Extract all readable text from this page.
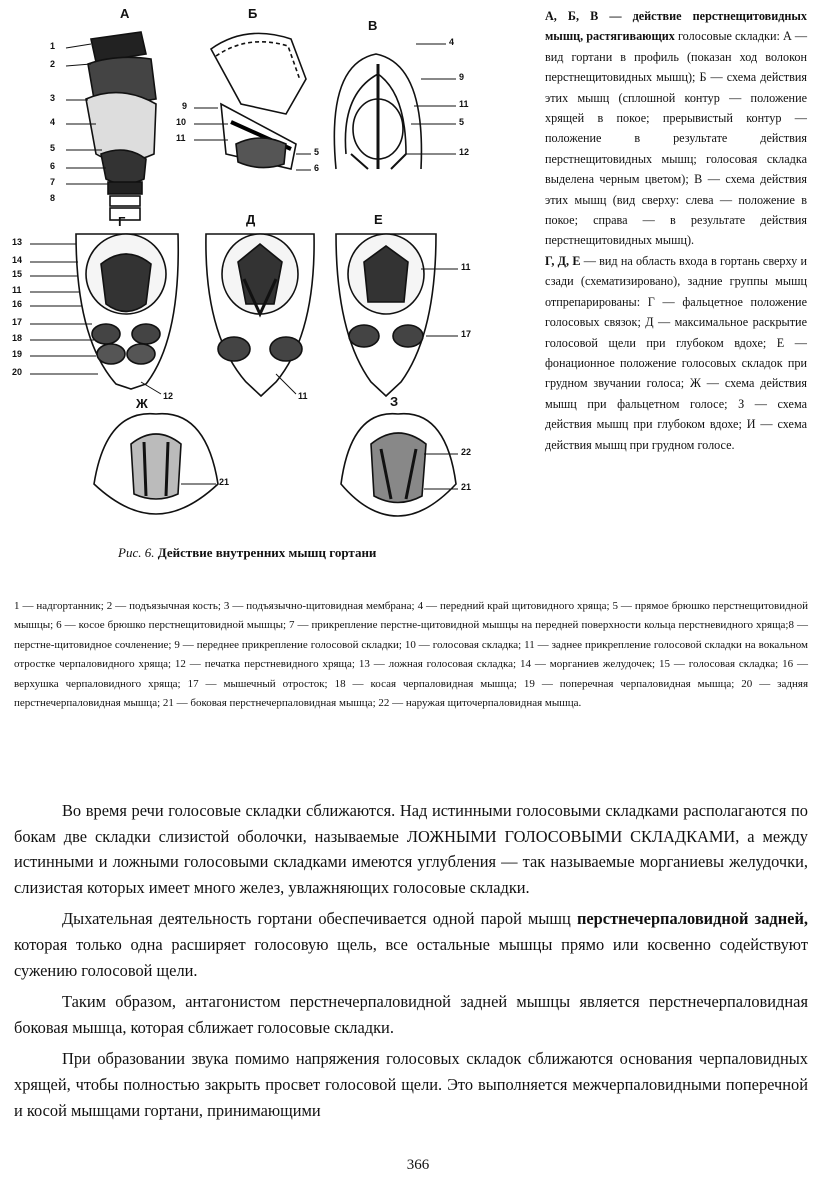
А	Б
В
Г	Д	Е
Ж	З
1
2
3
4
5
6
7
8
9
10
11
5
6
4
9
11
5
12
13
14
15
11
16
17
18
19
20
12	11
11
17
21
22
21
Рис. 6. Действие внутренних мышц гортани

А, Б, В — действие перстнещитовидных мышц, растягивающих голосовые складки: А — вид гортани в профиль (показан ход волокон перстнещитовидных мышц); Б — схема действия этих мышц (сплошной контур — положение хрящей в покое; прерывистый контур — положение в результате действия перстнещитовидных мышц; голосовая складка выделена черным цветом); В — схема действия этих мышц (вид сверху: слева — положение в покое; справа — в результате действия перстнещитовидных мышц).

Г, Д, Е — вид на область входа в гортань сверху и сзади (схематизировано), задние группы мышц отпрепарированы: Г — фальцетное положение голосовых связок; Д — максимальное раскрытие голосовой щели при глубоком вдохе; Е — фонационное положение голосовых складок при грудном звучании голоса; Ж — схема действия мышц при фальцетном голосе; З — схема действия мышц при глубоком вдохе; И — схема действия мышц при грудном голосе.

1 — надгортанник; 2 — подъязычная кость; 3 — подъязычно-щитовидная мембрана; 4 — передний край щитовидного хряща; 5 — прямое брюшко перстнещитовидной мышцы; 6 — косое брюшко перстнещитовидной мышцы; 7 — прикрепление перстне-щитовидной мышцы на передней поверхности кольца перстневидного хряща;8 — перстне-щитовидное сочленение; 9 — переднее прикрепление голосовой складки; 10 — голосовая складка; 11 — заднее прикрепление голосовой складки на вокальном отростке черпаловидного хряща; 12 — печатка перстневидного хряща; 13 — ложная голосовая складка; 14 — морганиев желудочек; 15 — голосовая складка; 16 — верхушка черпаловидного хряща; 17 — мышечный отросток; 18 — косая черпаловидная мышца; 19 — поперечная черпаловидная мышца; 20 — задняя перстнечерпаловидная мышца; 21 — боковая перстнечерпаловидная мышца; 22 — наружая щиточерпаловидная мышца.

Во время речи голосовые складки сближаются. Над истинными голосовыми складками располагаются по бокам две складки слизистой оболочки, называемые ЛОЖНЫМИ ГОЛОСОВЫМИ СКЛАДКАМИ, а между истинными и ложными голосовыми складками имеются углубления — так называемые морганиевы желудочки, слизистая которых имеет много желез, увлажняющих голосовые складки.

Дыхательная деятельность гортани обеспечивается одной парой мышц перстнечерпаловидной задней, которая только одна расширяет голосовую щель, все остальные мышцы прямо или косвенно содействуют сужению голосовой щели.

Таким образом, антагонистом перстнечерпаловидной задней мышцы является перстнечерпаловидная боковая мышца, которая сближает голосовые складки.

При образовании звука помимо напряжения голосовых складок сближаются основания черпаловидных хрящей, чтобы полностью закрыть просвет голосовой щели. Это выполняется межчерпаловидными поперечной и косой мышцами гортани, принимающими

366
